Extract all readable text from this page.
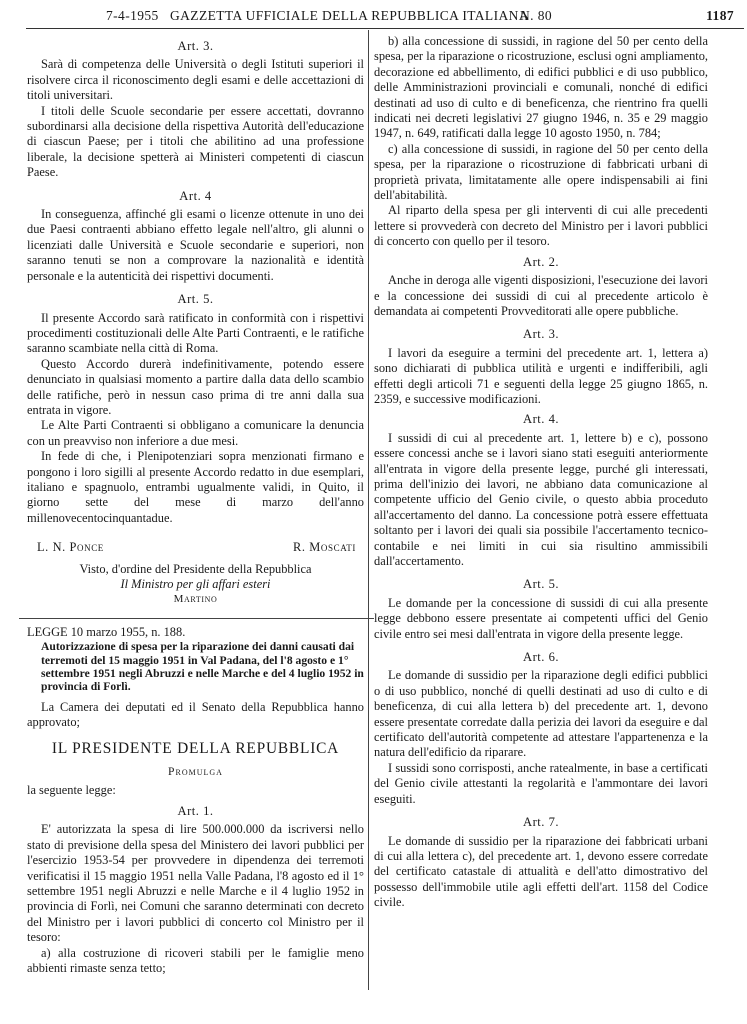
7-4-1955 GAZZETTA UFFICIALE DELLA REPUBBLICA ITALIANA
N. 80	1187
Art. 3.

Sarà di competenza delle Università o degli Istituti superiori il risolvere circa il riconoscimento degli esami e delle accettazioni di titoli universitari.

I titoli delle Scuole secondarie per essere accettati, dovranno subordinarsi alla decisione della rispettiva Autorità dell'educazione di ciascun Paese; per i titoli che abilitino ad una professione liberale, la decisione spetterà ai Ministeri competenti di ciascun Paese.

Art. 4

In conseguenza, affinché gli esami o licenze ottenute in uno dei due Paesi contraenti abbiano effetto legale nell'altro, gli alunni o licenziati dalle Università e Scuole secondarie e superiori, non saranno tenuti se non a comprovare la nazionalità e identità personale e la autenticità dei rispettivi documenti.

Art. 5.

Il presente Accordo sarà ratificato in conformità con i rispettivi procedimenti costituzionali delle Alte Parti Contraenti, e le ratifiche saranno scambiate nella città di Roma.

Questo Accordo durerà indefinitivamente, potendo essere denunciato in qualsiasi momento a partire dalla data dello scambio delle ratifiche, però in nessun caso prima di tre anni dalla sua entrata in vigore.

Le Alte Parti Contraenti si obbligano a comunicare la denuncia con un preavviso non inferiore a due mesi.

In fede di che, i Plenipotenziari sopra menzionati firmano e pongono i loro sigilli al presente Accordo redatto in due esemplari, italiano e spagnuolo, entrambi ugualmente validi, in Quito, il giorno sette del mese di marzo dell'anno millenovecentocinquantadue.

L. N. Ponce	R. Moscati

Visto, d'ordine del Presidente della Repubblica

Il Ministro per gli affari esteri

Martino

LEGGE 10 marzo 1955, n. 188.
Autorizzazione di spesa per la riparazione dei danni causati dai terremoti del 15 maggio 1951 in Val Padana, del l'8 agosto e 1° settembre 1951 negli Abruzzi e nelle Marche e del 4 luglio 1952 in provincia di Forlì.

La Camera dei deputati ed il Senato della Repubblica hanno approvato;

IL PRESIDENTE DELLA REPUBBLICA
Promulga

la seguente legge:

Art. 1.

E' autorizzata la spesa di lire 500.000.000 da iscriversi nello stato di previsione della spesa del Ministero dei lavori pubblici per l'esercizio 1953-54 per provvedere in dipendenza dei terremoti verificatisi il 15 maggio 1951 nella Valle Padana, l'8 agosto ed il 1° settembre 1951 negli Abruzzi e nelle Marche e il 4 luglio 1952 in provincia di Forlì, nei Comuni che saranno determinati con decreto del Ministro per i lavori pubblici di concerto col Ministro per il tesoro:

a) alla costruzione di ricoveri stabili per le famiglie meno abbienti rimaste senza tetto;

b) alla concessione di sussidi, in ragione del 50 per cento della spesa, per la riparazione o ricostruzione, esclusi ogni ampliamento, decorazione ed abbellimento, di edifici pubblici e di uso pubblico, delle Amministrazioni provinciali e comunali, nonché di edifici destinati ad uso di culto e di beneficenza, che rientrino fra quelli indicati nei decreti legislativi 27 giugno 1946, n. 35 e 29 maggio 1947, n. 649, ratificati dalla legge 10 agosto 1950, n. 784;

c) alla concessione di sussidi, in ragione del 50 per cento della spesa, per la riparazione o ricostruzione di fabbricati urbani di proprietà privata, limitatamente alle opere indispensabili ai fini dell'abitabilità.

Al riparto della spesa per gli interventi di cui alle precedenti lettere si provvederà con decreto del Ministro per i lavori pubblici di concerto con quello per il tesoro.

Art. 2.

Anche in deroga alle vigenti disposizioni, l'esecuzione dei lavori e la concessione dei sussidi di cui al precedente articolo è demandata ai competenti Provveditorati alle opere pubbliche.

Art. 3.

I lavori da eseguire a termini del precedente art. 1, lettera a) sono dichiarati di pubblica utilità e urgenti e indifferibili, agli effetti degli articoli 71 e seguenti della legge 25 giugno 1865, n. 2359, e successive modificazioni.

Art. 4.

I sussidi di cui al precedente art. 1, lettere b) e c), possono essere concessi anche se i lavori siano stati eseguiti anteriormente all'entrata in vigore della presente legge, purché gli interessati, prima dell'inizio dei lavori, ne abbiano data comunicazione al competente ufficio del Genio civile, o questo abbia proceduto all'accertamento del danno. La concessione potrà essere effettuata soltanto per i lavori dei quali sia possibile l'accertamento tecnico-contabile e nei limiti in cui sia risultino ammissibili dall'accertamento.

Art. 5.

Le domande per la concessione di sussidi di cui alla presente legge debbono essere presentate ai competenti uffici del Genio civile entro sei mesi dall'entrata in vigore della presente legge.

Art. 6.

Le domande di sussidio per la riparazione degli edifici pubblici o di uso pubblico, nonché di quelli destinati ad uso di culto e di beneficenza, di cui alla lettera b) del precedente art. 1, devono essere presentate corredate dalla perizia dei lavori da eseguire e dal certificato dell'autorità competente ad attestare l'appartenenza e la natura dell'edificio da riparare.

I sussidi sono corrisposti, anche ratealmente, in base a certificati del Genio civile attestanti la regolarità e l'ammontare dei lavori eseguiti.

Art. 7.

Le domande di sussidio per la riparazione dei fabbricati urbani di cui alla lettera c), del precedente art. 1, devono essere corredate del certificato catastale di attualità e dell'atto dimostrativo del possesso dell'immobile utile agli effetti dell'art. 1158 del Codice civile.
